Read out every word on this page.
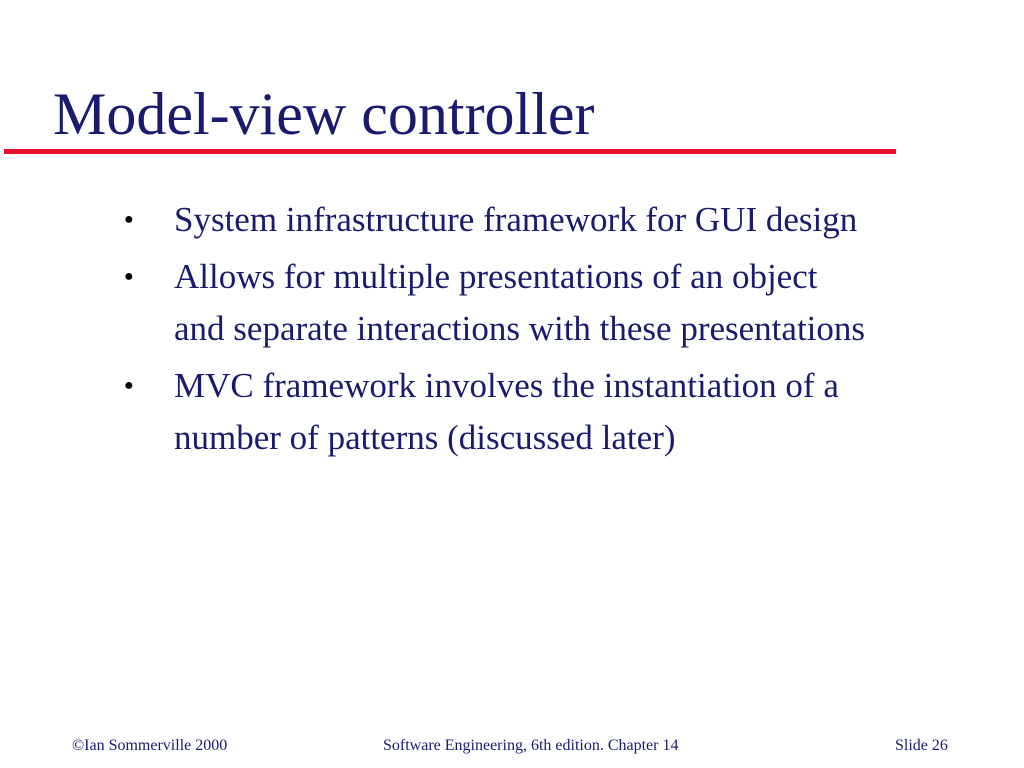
Model-view controller
●	System infrastructure framework for GUI design
●	Allows for multiple presentations of an object
and separate interactions with these presentations
●	MVC framework involves the instantiation of a
number of patterns (discussed later)
©Ian Sommerville 2000	Software Engineering, 6th edition. Chapter 14	Slide 26
